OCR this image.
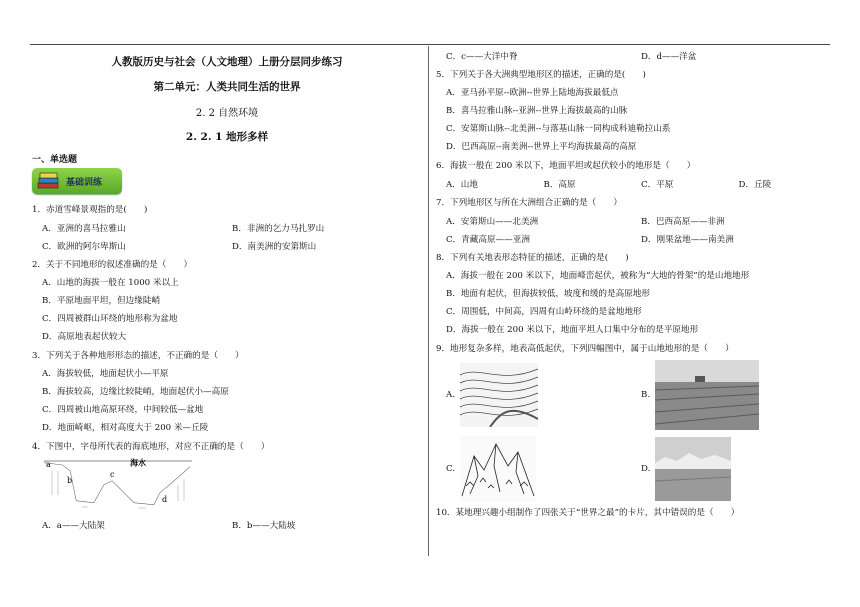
人教版历史与社会（人文地理）上册分层同步练习
第二单元：人类共同生活的世界
2. 2 自然环境
2. 2. 1 地形多样
一、单选题
基础训练
1．赤道雪峰景观指的是(　　)
A．亚洲的喜马拉雅山	B．非洲的乞力马扎罗山
C．欧洲的阿尔卑斯山	D．南美洲的安第斯山
2．关于不同地形的叙述准确的是（　　）
A．山地的海拔一般在 1000 米以上
B．平原地面平坦，但边缘陡峭
C．四周被群山环绕的地形称为盆地
D．高原地表起伏较大
3．下列关于各种地形形态的描述，不正确的是（　　）
A．海拔较低，地面起伏小—平原
B．海拔较高，边缘比较陡峭，地面起伏小—高原
C．四周被山地高原环绕，中间较低—盆地
D．地面崎岖，相对高度大于 200 米—丘陵
4．下图中，字母所代表的海底地形，对应不正确的是（　　）
a
b
c
d
海水
A．a——大陆架	B．b——大陆坡
C．c——大洋中脊	D．d——洋盆
5．下列关于各大洲典型地形区的描述，正确的是(　　)
A．亚马孙平原--欧洲--世界上陆地海拔最低点
B．喜马拉雅山脉--亚洲--世界上海拔最高的山脉
C．安第斯山脉--北美洲--与落基山脉一同构成科迪勒拉山系
D．巴西高原--南美洲--世界上平均海拔最高的高原
6．海拔一般在 200 米以下，地面平坦或起伏较小的地形是（　　）
A．山地	B．高原	C．平原	D．丘陵
7．下列地形区与所在大洲组合正确的是（　　）
A．安第斯山——北美洲	B．巴西高原——非洲
C．青藏高原——亚洲	D．刚果盆地——南美洲
8．下列有关地表形态特征的描述，正确的是(　　)
A．海拔一般在 200 米以下，地面峰峦起伏，被称为“大地的骨架”的是山地地形
B．地面有起伏，但海拔较低，坡度和缓的是高原地形
C．周围低，中间高，四周有山岭环绕的是盆地地形
D．海拔一般在 200 米以下，地面平坦人口集中分布的是平原地形
9．地形复杂多样，地表高低起伏，下列四幅图中，属于山地地形的是（　　）
A.	B.
C.	D.
10．某地理兴趣小组制作了四张关于“世界之最”的卡片，其中错误的是（　　）
